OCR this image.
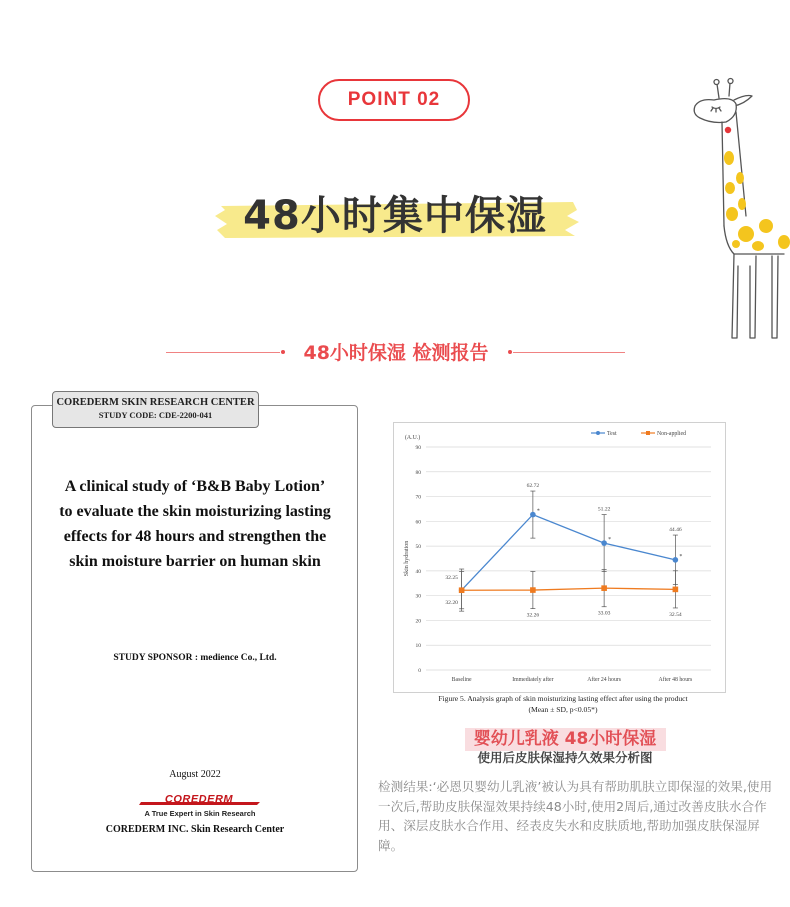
POINT 02
48小时集中保湿
48小时保湿 检测报告
COREDERM SKIN RESEARCH CENTER
STUDY CODE: CDE-2200-041
A clinical study of ‘B&B Baby Lotion’
to evaluate the skin moisturizing lasting
effects for 48 hours and strengthen the
skin moisture barrier on human skin
STUDY SPONSOR : medience Co., Ltd.
August 2022
COREDERM
A True Expert in Skin Research
COREDERM INC. Skin Research Center
0
10
20
30
40
50
60
70
80
90
(A.U.)
Skin hydration
Baseline	Immediately after	After 24 hours	After 48 hours
Test	Non-applied
32.25
62.72
51.22
44.46
32.20
32.26	33.03	32.54
*
*
*
Figure 5. Analysis graph of skin moisturizing lasting effect after using the product
(Mean ± SD, p<0.05*)
婴幼儿乳液 48小时保湿
使用后皮肤保湿持久效果分析图
检测结果:‘必恩贝婴幼儿乳液’被认为具有帮助肌肤立即保湿的效果,使用一次后,帮助皮肤保湿效果持续48小时,使用2周后,通过改善皮肤水合作用、深层皮肤水合作用、经表皮失水和皮肤质地,帮助加强皮肤保湿屏障。
